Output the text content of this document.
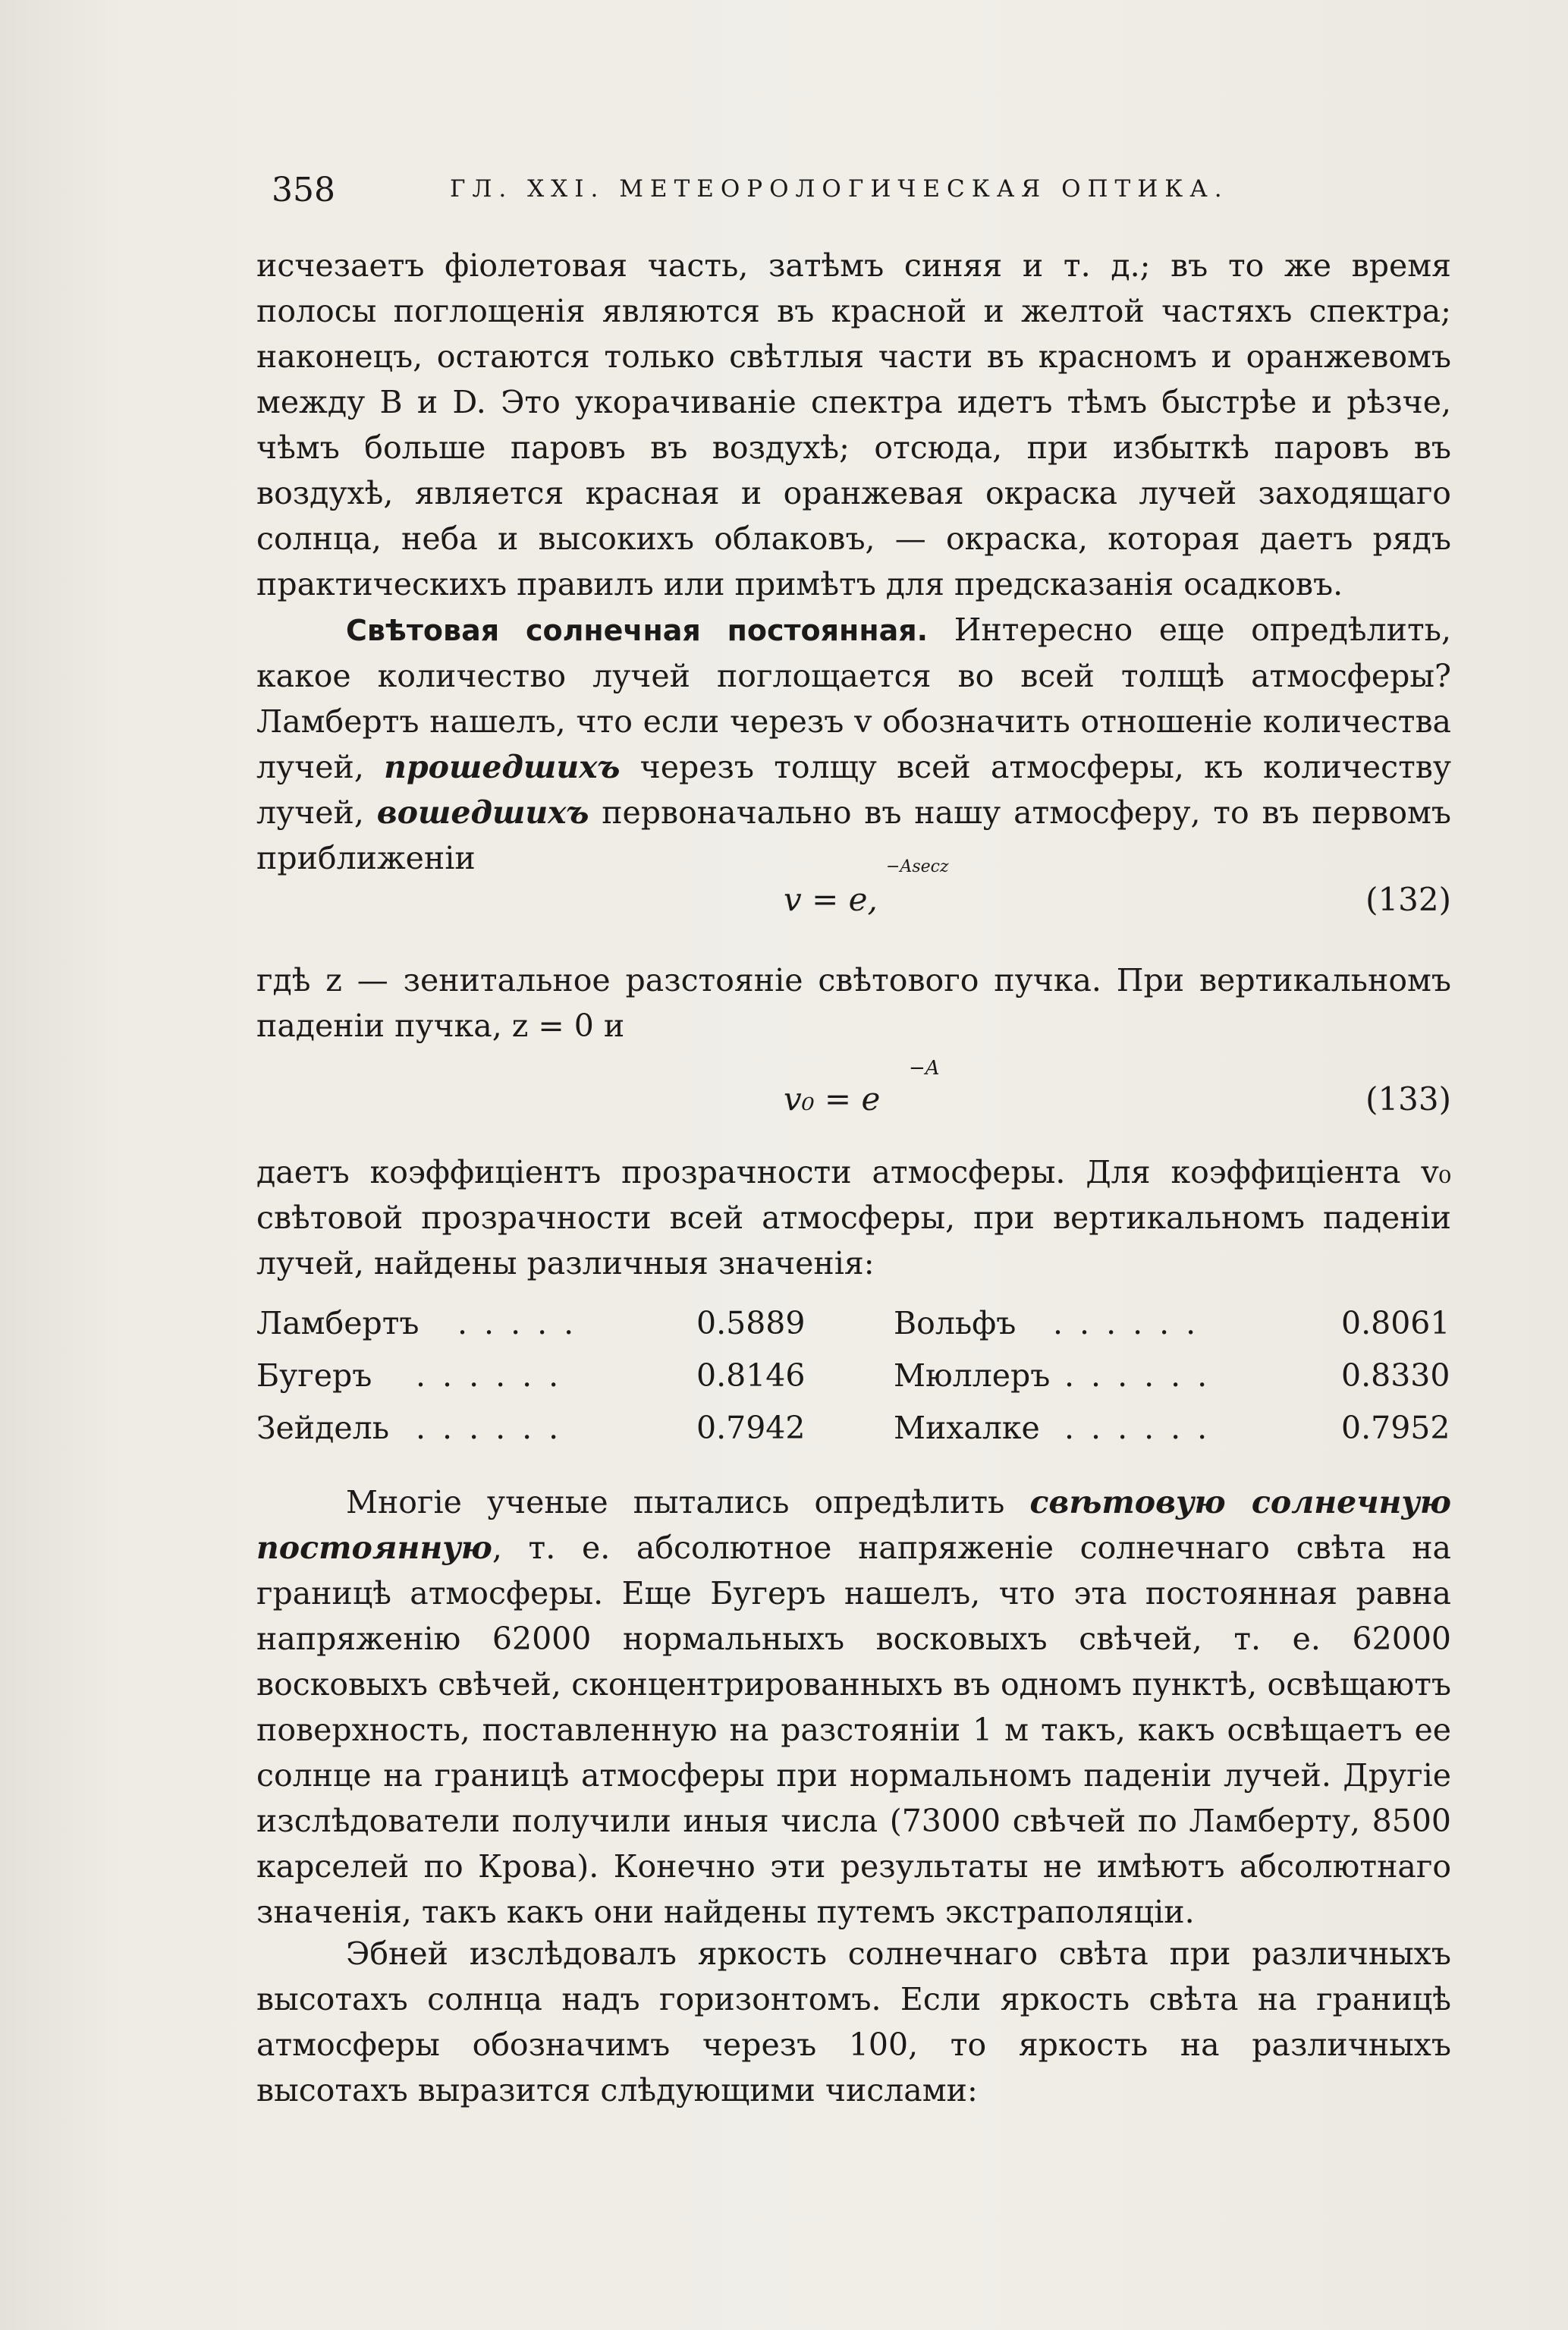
358	ГЛ. XXI. МЕТЕОРОЛОГИЧЕСКАЯ ОПТИКА.

исчезаетъ фіолетовая часть, затѣмъ синяя и т. д.; въ то же время полосы поглощенія являются въ красной и желтой частяхъ спектра; наконецъ, остаются только свѣтлыя части въ красномъ и оранжевомъ между B и D. Это укорачиваніе спектра идетъ тѣмъ быстрѣе и рѣзче, чѣмъ больше паровъ въ воздухѣ; отсюда, при избыткѣ паровъ въ воздухѣ, является красная и оранжевая окраска лучей заходящаго солнца, неба и высокихъ облаковъ, — окраска, которая даетъ рядъ практическихъ правилъ или примѣтъ для предсказанія осадковъ.

Свѣтовая солнечная постоянная. Интересно еще опредѣлить, какое количество лучей поглощается во всей толщѣ атмосферы? Ламбертъ нашелъ, что если черезъ v обозначить отношеніе количества лучей, прошедшихъ черезъ толщу всей атмосферы, къ количеству лучей, вошедшихъ первоначально въ нашу атмосферу, то въ первомъ приближеніи

v = e,
−Asecz
(132)

гдѣ z — зенитальное разстояніе свѣтового пучка. При вертикальномъ паденіи пучка, z = 0 и

v₀ = e
−A
(133)

даетъ коэффиціентъ прозрачности атмосферы. Для коэффиціента v₀ свѣтовой прозрачности всей атмосферы, при вертикальномъ паденіи лучей, найдены различныя значенія:

Ламбертъ .....	0.5889	Вольфъ ......	0.8061
Бугеръ ......	0.8146	Мюллеръ ......	0.8330
Зейдель ......	0.7942	Михалке ......	0.7952

Многіе ученые пытались опредѣлить свѣтовую солнечную постоянную, т. е. абсолютное напряженіе солнечнаго свѣта на границѣ атмосферы. Еще Бугеръ нашелъ, что эта постоянная равна напряженію 62000 нормальныхъ восковыхъ свѣчей, т. е. 62000 восковыхъ свѣчей, сконцентрированныхъ въ одномъ пунктѣ, освѣщаютъ поверхность, поставленную на разстояніи 1 м такъ, какъ освѣщаетъ ее солнце на границѣ атмосферы при нормальномъ паденіи лучей. Другіе изслѣдователи получили иныя числа (73000 свѣчей по Ламберту, 8500 карселей по Крова). Конечно эти результаты не имѣютъ абсолютнаго значенія, такъ какъ они найдены путемъ экстраполяціи.

Эбней изслѣдовалъ яркость солнечнаго свѣта при различныхъ высотахъ солнца надъ горизонтомъ. Если яркость свѣта на границѣ атмосферы обозначимъ черезъ 100, то яркость на различныхъ высотахъ выразится слѣдующими числами:
